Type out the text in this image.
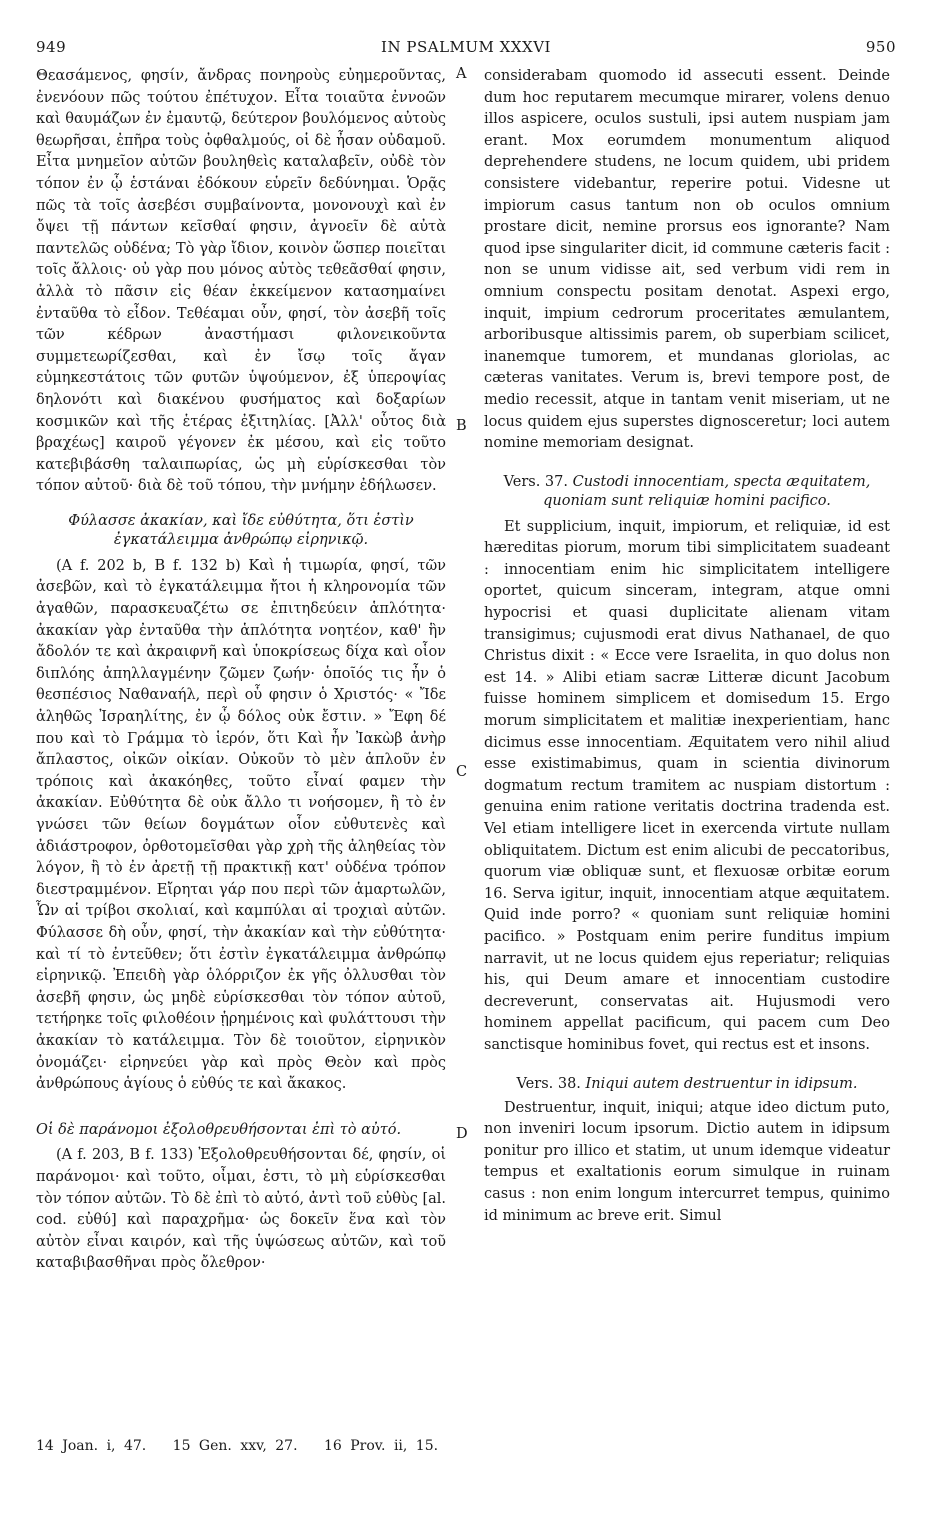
949	IN PSALMUM XXXVI	950

Θεασάμενος, φησίν, ἄνδρας πονηροὺς εὐημεροῦντας, ἐνενόουν πῶς τούτου ἐπέτυχον. Εἶτα τοιαῦτα ἐννοῶν καὶ θαυμάζων ἐν ἐμαυτῷ, δεύτερον βουλόμενος αὐτοὺς θεωρῆσαι, ἐπῆρα τοὺς ὀφθαλμούς, οἱ δὲ ἦσαν οὐδαμοῦ. Εἶτα μνημεῖον αὐτῶν βουληθεὶς καταλαβεῖν, οὐδὲ τὸν τόπον ἐν ᾧ ἑστάναι ἐδόκουν εὑρεῖν δεδύνημαι. Ὁρᾷς πῶς τὰ τοῖς ἀσεβέσι συμβαίνοντα, μονονουχὶ καὶ ἐν ὄψει τῇ πάντων κεῖσθαί φησιν, ἀγνοεῖν δὲ αὐτὰ παντελῶς οὐδένα; Τὸ γὰρ ἴδιον, κοινὸν ὥσπερ ποιεῖται τοῖς ἄλλοις· οὐ γὰρ που μόνος αὐτὸς τεθεᾶσθαί φησιν, ἀλλὰ τὸ πᾶσιν εἰς θέαν ἐκκείμενον κατασημαίνει ἐνταῦθα τὸ εἶδον. Τεθέαμαι οὖν, φησί, τὸν ἀσεβῆ τοῖς τῶν κέδρων ἀναστήμασι φιλονεικοῦντα συμμετεωρίζεσθαι, καὶ ἐν ἴσῳ τοῖς ἄγαν εὐμηκεστάτοις τῶν φυτῶν ὑψούμενον, ἐξ ὑπεροψίας δηλονότι καὶ διακένου φυσήματος καὶ δοξαρίων κοσμικῶν καὶ τῆς ἑτέρας ἐξιτηλίας. [Ἀλλ' οὗτος διὰ βραχέως] καιροῦ γέγονεν ἐκ μέσου, καὶ εἰς τοῦτο κατεβιβάσθη ταλαιπωρίας, ὡς μὴ εὑρίσκεσθαι τὸν τόπον αὐτοῦ· διὰ δὲ τοῦ τόπου, τὴν μνήμην ἐδήλωσεν.

Φύλασσε ἀκακίαν, καὶ ἴδε εὐθύτητα, ὅτι ἐστὶν ἐγκατάλειμμα ἀνθρώπῳ εἰρηνικῷ.

(A f. 202 b, B f. 132 b) Καὶ ἡ τιμωρία, φησί, τῶν ἀσεβῶν, καὶ τὸ ἐγκατάλειμμα ἤτοι ἡ κληρονομία τῶν ἀγαθῶν, παρασκευαζέτω σε ἐπιτηδεύειν ἁπλότητα· ἀκακίαν γὰρ ἐνταῦθα τὴν ἁπλότητα νοητέον, καθ' ἣν ἄδολόν τε καὶ ἀκραιφνῆ καὶ ὑποκρίσεως δίχα καὶ οἷον διπλόης ἀπηλλαγμένην ζῶμεν ζωήν· ὁποῖός τις ἦν ὁ θεσπέσιος Ναθαναήλ, περὶ οὗ φησιν ὁ Χριστός· « Ἴδε ἀληθῶς Ἰσραηλίτης, ἐν ᾧ δόλος οὐκ ἔστιν. » Ἔφη δέ που καὶ τὸ Γράμμα τὸ ἱερόν, ὅτι Καὶ ἦν Ἰακὼβ ἀνὴρ ἄπλαστος, οἰκῶν οἰκίαν. Οὐκοῦν τὸ μὲν ἁπλοῦν ἐν τρόποις καὶ ἀκακόηθες, τοῦτο εἶναί φαμεν τὴν ἀκακίαν. Εὐθύτητα δὲ οὐκ ἄλλο τι νοήσομεν, ἢ τὸ ἐν γνώσει τῶν θείων δογμάτων οἷον εὐθυτενὲς καὶ ἀδιάστροφον, ὀρθοτομεῖσθαι γὰρ χρὴ τῆς ἀληθείας τὸν λόγον, ἢ τὸ ἐν ἀρετῇ τῇ πρακτικῇ κατ' οὐδένα τρόπον διεστραμμένον. Εἴρηται γάρ που περὶ τῶν ἁμαρτωλῶν, Ὧν αἱ τρίβοι σκολιαί, καὶ καμπύλαι αἱ τροχιαὶ αὐτῶν. Φύλασσε δὴ οὖν, φησί, τὴν ἀκακίαν καὶ τὴν εὐθύτητα· καὶ τί τὸ ἐντεῦθεν; ὅτι ἐστὶν ἐγκατάλειμμα ἀνθρώπῳ εἰρηνικῷ. Ἐπειδὴ γὰρ ὁλόρριζον ἐκ γῆς ὀλλυσθαι τὸν ἀσεβῆ φησιν, ὡς μηδὲ εὑρίσκεσθαι τὸν τόπον αὐτοῦ, τετήρηκε τοῖς φιλοθέοιν ᾑρημένοις καὶ φυλάττουσι τὴν ἀκακίαν τὸ κατάλειμμα. Τὸν δὲ τοιοῦτον, εἰρηνικὸν ὀνομάζει· εἰρηνεύει γὰρ καὶ πρὸς Θεὸν καὶ πρὸς ἀνθρώπους ἁγίους ὁ εὐθύς τε καὶ ἄκακος.

Οἱ δὲ παράνομοι ἐξολοθρευθήσονται ἐπὶ τὸ αὐτό.

(A f. 203, B f. 133) Ἐξολοθρευθήσονται δέ, φησίν, οἱ παράνομοι· καὶ τοῦτο, οἶμαι, ἐστι, τὸ μὴ εὑρίσκεσθαι τὸν τόπον αὐτῶν. Τὸ δὲ ἐπὶ τὸ αὐτό, ἀντὶ τοῦ εὐθὺς [al. cod. εὐθύ] καὶ παραχρῆμα· ὡς δοκεῖν ἕνα καὶ τὸν αὐτὸν εἶναι καιρόν, καὶ τῆς ὑψώσεως αὐτῶν, καὶ τοῦ καταβιβασθῆναι πρὸς ὄλεθρον·

A
B
C
D

considerabam quomodo id assecuti essent. Deinde dum hoc reputarem mecumque mirarer, volens denuo illos aspicere, oculos sustuli, ipsi autem nuspiam jam erant. Mox eorumdem monumentum aliquod deprehendere studens, ne locum quidem, ubi pridem consistere videbantur, reperire potui. Videsne ut impiorum casus tantum non ob oculos omnium prostare dicit, nemine prorsus eos ignorante? Nam quod ipse singulariter dicit, id commune cæteris facit : non se unum vidisse ait, sed verbum vidi rem in omnium conspectu positam denotat. Aspexi ergo, inquit, impium cedrorum proceritates æmulantem, arboribusque altissimis parem, ob superbiam scilicet, inanemque tumorem, et mundanas gloriolas, ac cæteras vanitates. Verum is, brevi tempore post, de medio recessit, atque in tantam venit miseriam, ut ne locus quidem ejus superstes dignosceretur; loci autem nomine memoriam designat.

Vers. 37. Custodi innocentiam, specta æquitatem, quoniam sunt reliquiæ homini pacifico.

Et supplicium, inquit, impiorum, et reliquiæ, id est hæreditas piorum, morum tibi simplicitatem suadeant : innocentiam enim hic simplicitatem intelligere oportet, quicum sinceram, integram, atque omni hypocrisi et quasi duplicitate alienam vitam transigimus; cujusmodi erat divus Nathanael, de quo Christus dixit : « Ecce vere Israelita, in quo dolus non est 14. » Alibi etiam sacræ Litteræ dicunt Jacobum fuisse hominem simplicem et domisedum 15. Ergo morum simplicitatem et malitiæ inexperientiam, hanc dicimus esse innocentiam. Æquitatem vero nihil aliud esse existimabimus, quam in scientia divinorum dogmatum rectum tramitem ac nuspiam distortum : genuina enim ratione veritatis doctrina tradenda est. Vel etiam intelligere licet in exercenda virtute nullam obliquitatem. Dictum est enim alicubi de peccatoribus, quorum viæ obliquæ sunt, et flexuosæ orbitæ eorum 16. Serva igitur, inquit, innocentiam atque æquitatem. Quid inde porro? « quoniam sunt reliquiæ homini pacifico. » Postquam enim perire funditus impium narravit, ut ne locus quidem ejus reperiatur; reliquias his, qui Deum amare et innocentiam custodire decreverunt, conservatas ait. Hujusmodi vero hominem appellat pacificum, qui pacem cum Deo sanctisque hominibus fovet, qui rectus est et insons.

Vers. 38. Iniqui autem destruentur in idipsum.

Destruentur, inquit, iniqui; atque ideo dictum puto, non inveniri locum ipsorum. Dictio autem in idipsum ponitur pro illico et statim, ut unum idemque videatur tempus et exaltationis eorum simulque in ruinam casus : non enim longum intercurret tempus, quinimo id minimum ac breve erit. Simul

14 Joan. i, 47. 15 Gen. xxv, 27. 16 Prov. ii, 15.
